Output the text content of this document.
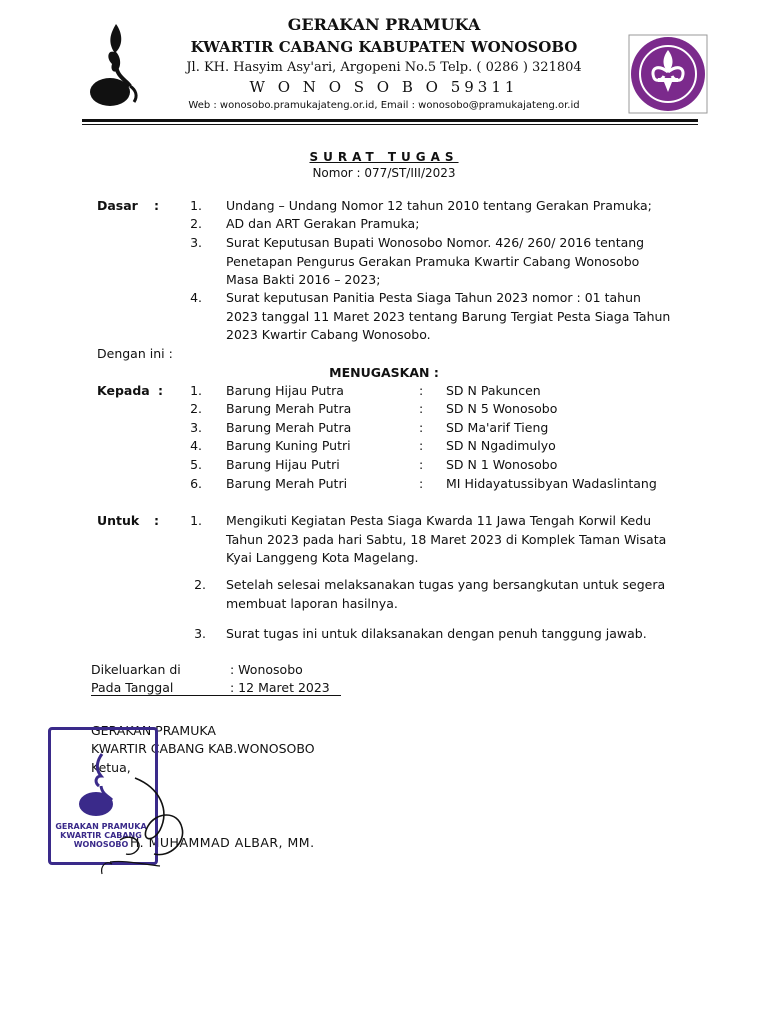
GERAKAN PRAMUKA
KWARTIR CABANG KABUPATEN WONOSOBO
Jl. KH. Hasyim Asy'ari, Argopeni No.5 Telp. ( 0286 ) 321804
W O N O S O B O 59311
Web : wonosobo.pramukajateng.or.id, Email : wonosobo@pramukajateng.or.id
SURAT TUGAS
Nomor : 077/ST/III/2023
Dasar :	1. Undang – Undang Nomor 12 tahun 2010 tentang Gerakan Pramuka;
2. AD dan ART Gerakan Pramuka;
3. Surat Keputusan Bupati Wonosobo Nomor. 426/ 260/ 2016 tentang
Penetapan Pengurus Gerakan Pramuka Kwartir Cabang Wonosobo
Masa Bakti 2016 – 2023;
4. Surat keputusan Panitia Pesta Siaga Tahun 2023 nomor : 01 tahun
2023 tanggal 11 Maret 2023 tentang Barung Tergiat Pesta Siaga Tahun
2023 Kwartir Cabang Wonosobo.
Dengan ini :
MENUGASKAN :
Kepada :	1. Barung Hijau Putra	: SD N Pakuncen
2. Barung Merah Putra	: SD N 5 Wonosobo
3. Barung Merah Putra	: SD Ma'arif Tieng
4. Barung Kuning Putri	: SD N Ngadimulyo
5. Barung Hijau Putri	: SD N 1 Wonosobo
6. Barung Merah Putri	: MI Hidayatussibyan Wadaslintang
Untuk :	1. Mengikuti Kegiatan Pesta Siaga Kwarda 11 Jawa Tengah Korwil Kedu
Tahun 2023 pada hari Sabtu, 18 Maret 2023 di Komplek Taman Wisata
Kyai Langgeng Kota Magelang.
2. Setelah selesai melaksanakan tugas yang bersangkutan untuk segera
membuat laporan hasilnya.
3. Surat tugas ini untuk dilaksanakan dengan penuh tanggung jawab.
Dikeluarkan di	: Wonosobo
Pada Tanggal	: 12 Maret 2023
GERAKAN PRAMUKA
KWARTIR CABANG KAB.WONOSOBO
Ketua,
H. MUHAMMAD ALBAR, MM.
GERAKAN PRAMUKA
KWARTIR CABANG
WONOSOBO
